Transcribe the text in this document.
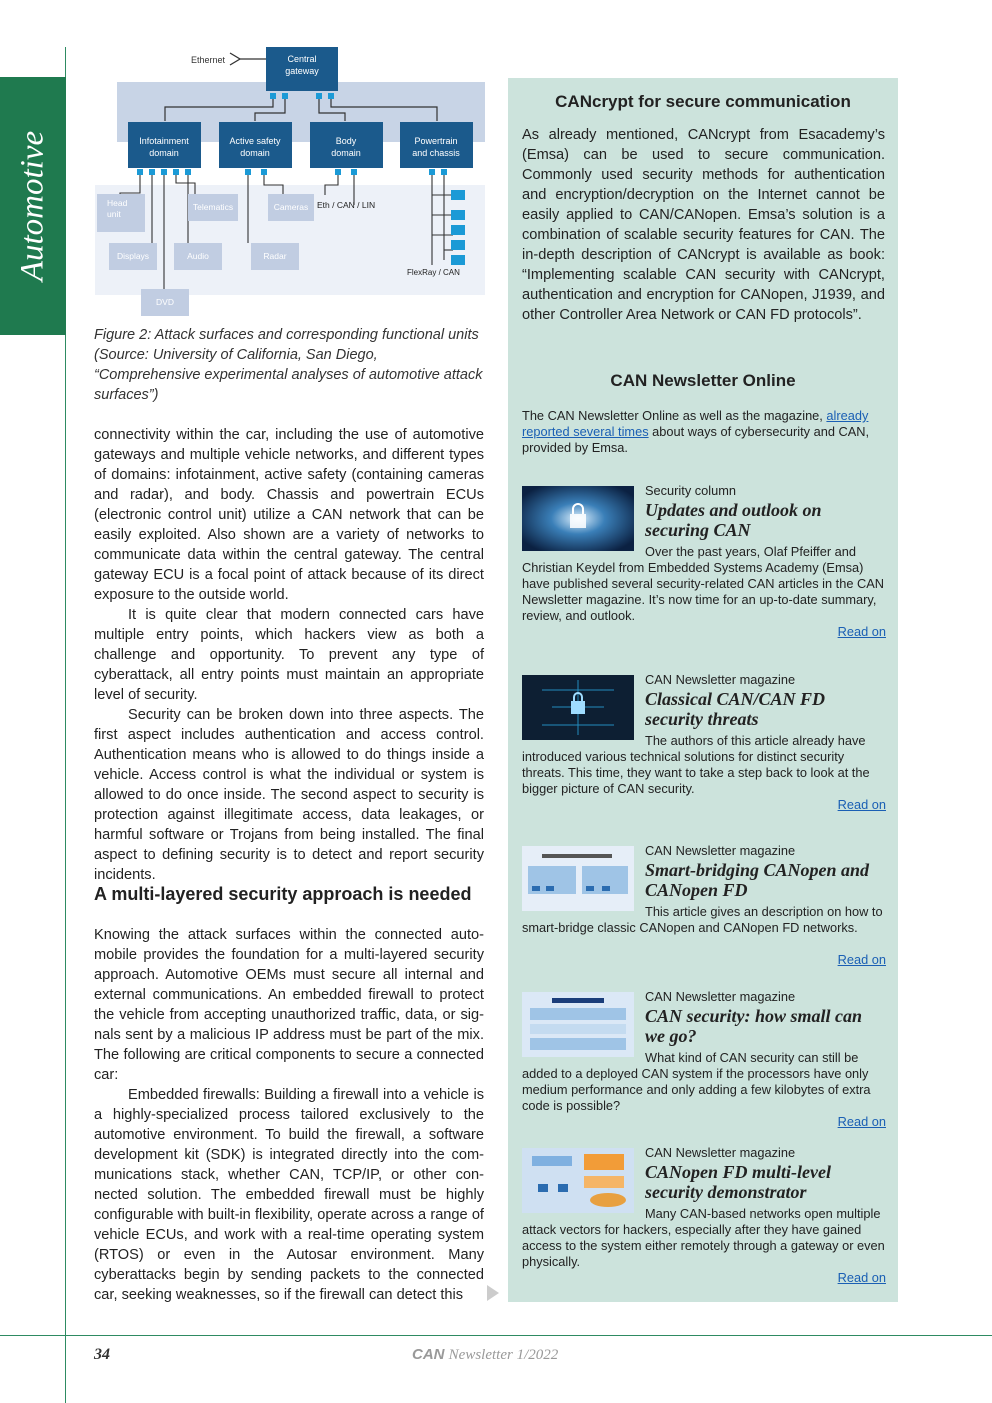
Automotive
Ethernet	Central
gateway
Infotainment
domain
Active safety
domain
Body
domain
Powertrain
and chassis
Head
unit
Telematics	Cameras Eth / CAN / LIN
Displays	Audio	Radar
FlexRay / CAN
DVD
Figure 2: Attack surfaces and corresponding functional units (Source: University of California, San Diego, “Comprehensive experimental analyses of automotive attack surfaces”)

connectivity within the car, including the use of automotive gateways and multiple vehicle networks, and different types of domains: infotainment, active safety (containing cameras and radar), and body. Chassis and powertrain ECUs (electronic control unit) utilize a CAN network that can be easily exploited. Also shown are a variety of networks to communicate data within the central gateway. The central gateway ECU is a focal point of attack because of its direct exposure to the outside world.

It is quite clear that modern connected cars have multiple entry points, which hackers view as both a challenge and opportunity. To prevent any type of cyberattack, all entry points must maintain an appropriate level of security.

Security can be broken down into three aspects. The first aspect includes authentication and access control. Authentication means who is allowed to do things inside a vehicle. Access control is what the individual or system is allowed to do once inside. The second aspect to security is protection against illegitimate access, data leakages, or harmful software or Trojans from being installed. The final aspect to defining security is to detect and report security incidents.

A multi-layered security approach is needed

Knowing the attack surfaces within the connected automobile provides the foundation for a multi-layered security approach. Automotive OEMs must secure all internal and external communications. An embedded firewall to protect the vehicle from accepting unauthorized traffic, data, or signals sent by a malicious IP address must be part of the mix. The following are critical components to secure a connected car:

Embedded firewalls: Building a firewall into a vehicle is a highly-specialized process tailored exclusively to the automotive environment. To build the firewall, a software development kit (SDK) is integrated directly into the communications stack, whether CAN, TCP/IP, or other connected solution. The embedded firewall must be highly configurable with built-in flexibility, operate across a range of vehicle ECUs, and work with a real-time operating system (RTOS) or even in the Autosar environment. Many cyberattacks begin by sending packets to the connected car, seeking weaknesses, so if the firewall can detect this

CANcrypt for secure communication
As already mentioned, CANcrypt from Esacademy’s (Emsa) can be used to secure communication. Commonly used security methods for authentication and encryption/decryption on the Internet cannot be easily applied to CAN/CANopen. Emsa’s solution is a combination of scalable security features for CAN. The in-depth description of CANcrypt is available as book: “Implementing scalable CAN security with CANcrypt, authentication and encryption for CANopen, J1939, and other Controller Area Network or CAN FD protocols”.
CAN Newsletter Online
The CAN Newsletter Online as well as the magazine, already reported several times about ways of cybersecurity and CAN, provided by Emsa.
Security column
Updates and outlook on securing CAN
Over the past years, Olaf Pfeiffer and Christian Keydel from Embedded Systems Academy (Emsa) have published several security-related CAN articles in the CAN Newsletter magazine. It’s now time for an up-to-date summary, review, and outlook.
Read on
CAN Newsletter magazine
Classical CAN/CAN FD security threats
The authors of this article already have introduced various technical solutions for distinct security threats. This time, they want to take a step back to look at the bigger picture of CAN security.
Read on
CAN Newsletter magazine
Smart-bridging CANopen and CANopen FD
This article gives an description on how to smart-bridge classic CANopen and CANopen FD networks.
Read on
CAN Newsletter magazine
CAN security: how small can we go?
What kind of CAN security can still be added to a deployed CAN system if the processors have only medium performance and only adding a few kilobytes of extra code is possible?
Read on
CAN Newsletter magazine
CANopen FD multi-level security demonstrator
Many CAN-based networks open multiple attack vectors for hackers, especially after they have gained access to the system either remotely through a gateway or even physically.
Read on
34	CAN Newsletter 1/2022
